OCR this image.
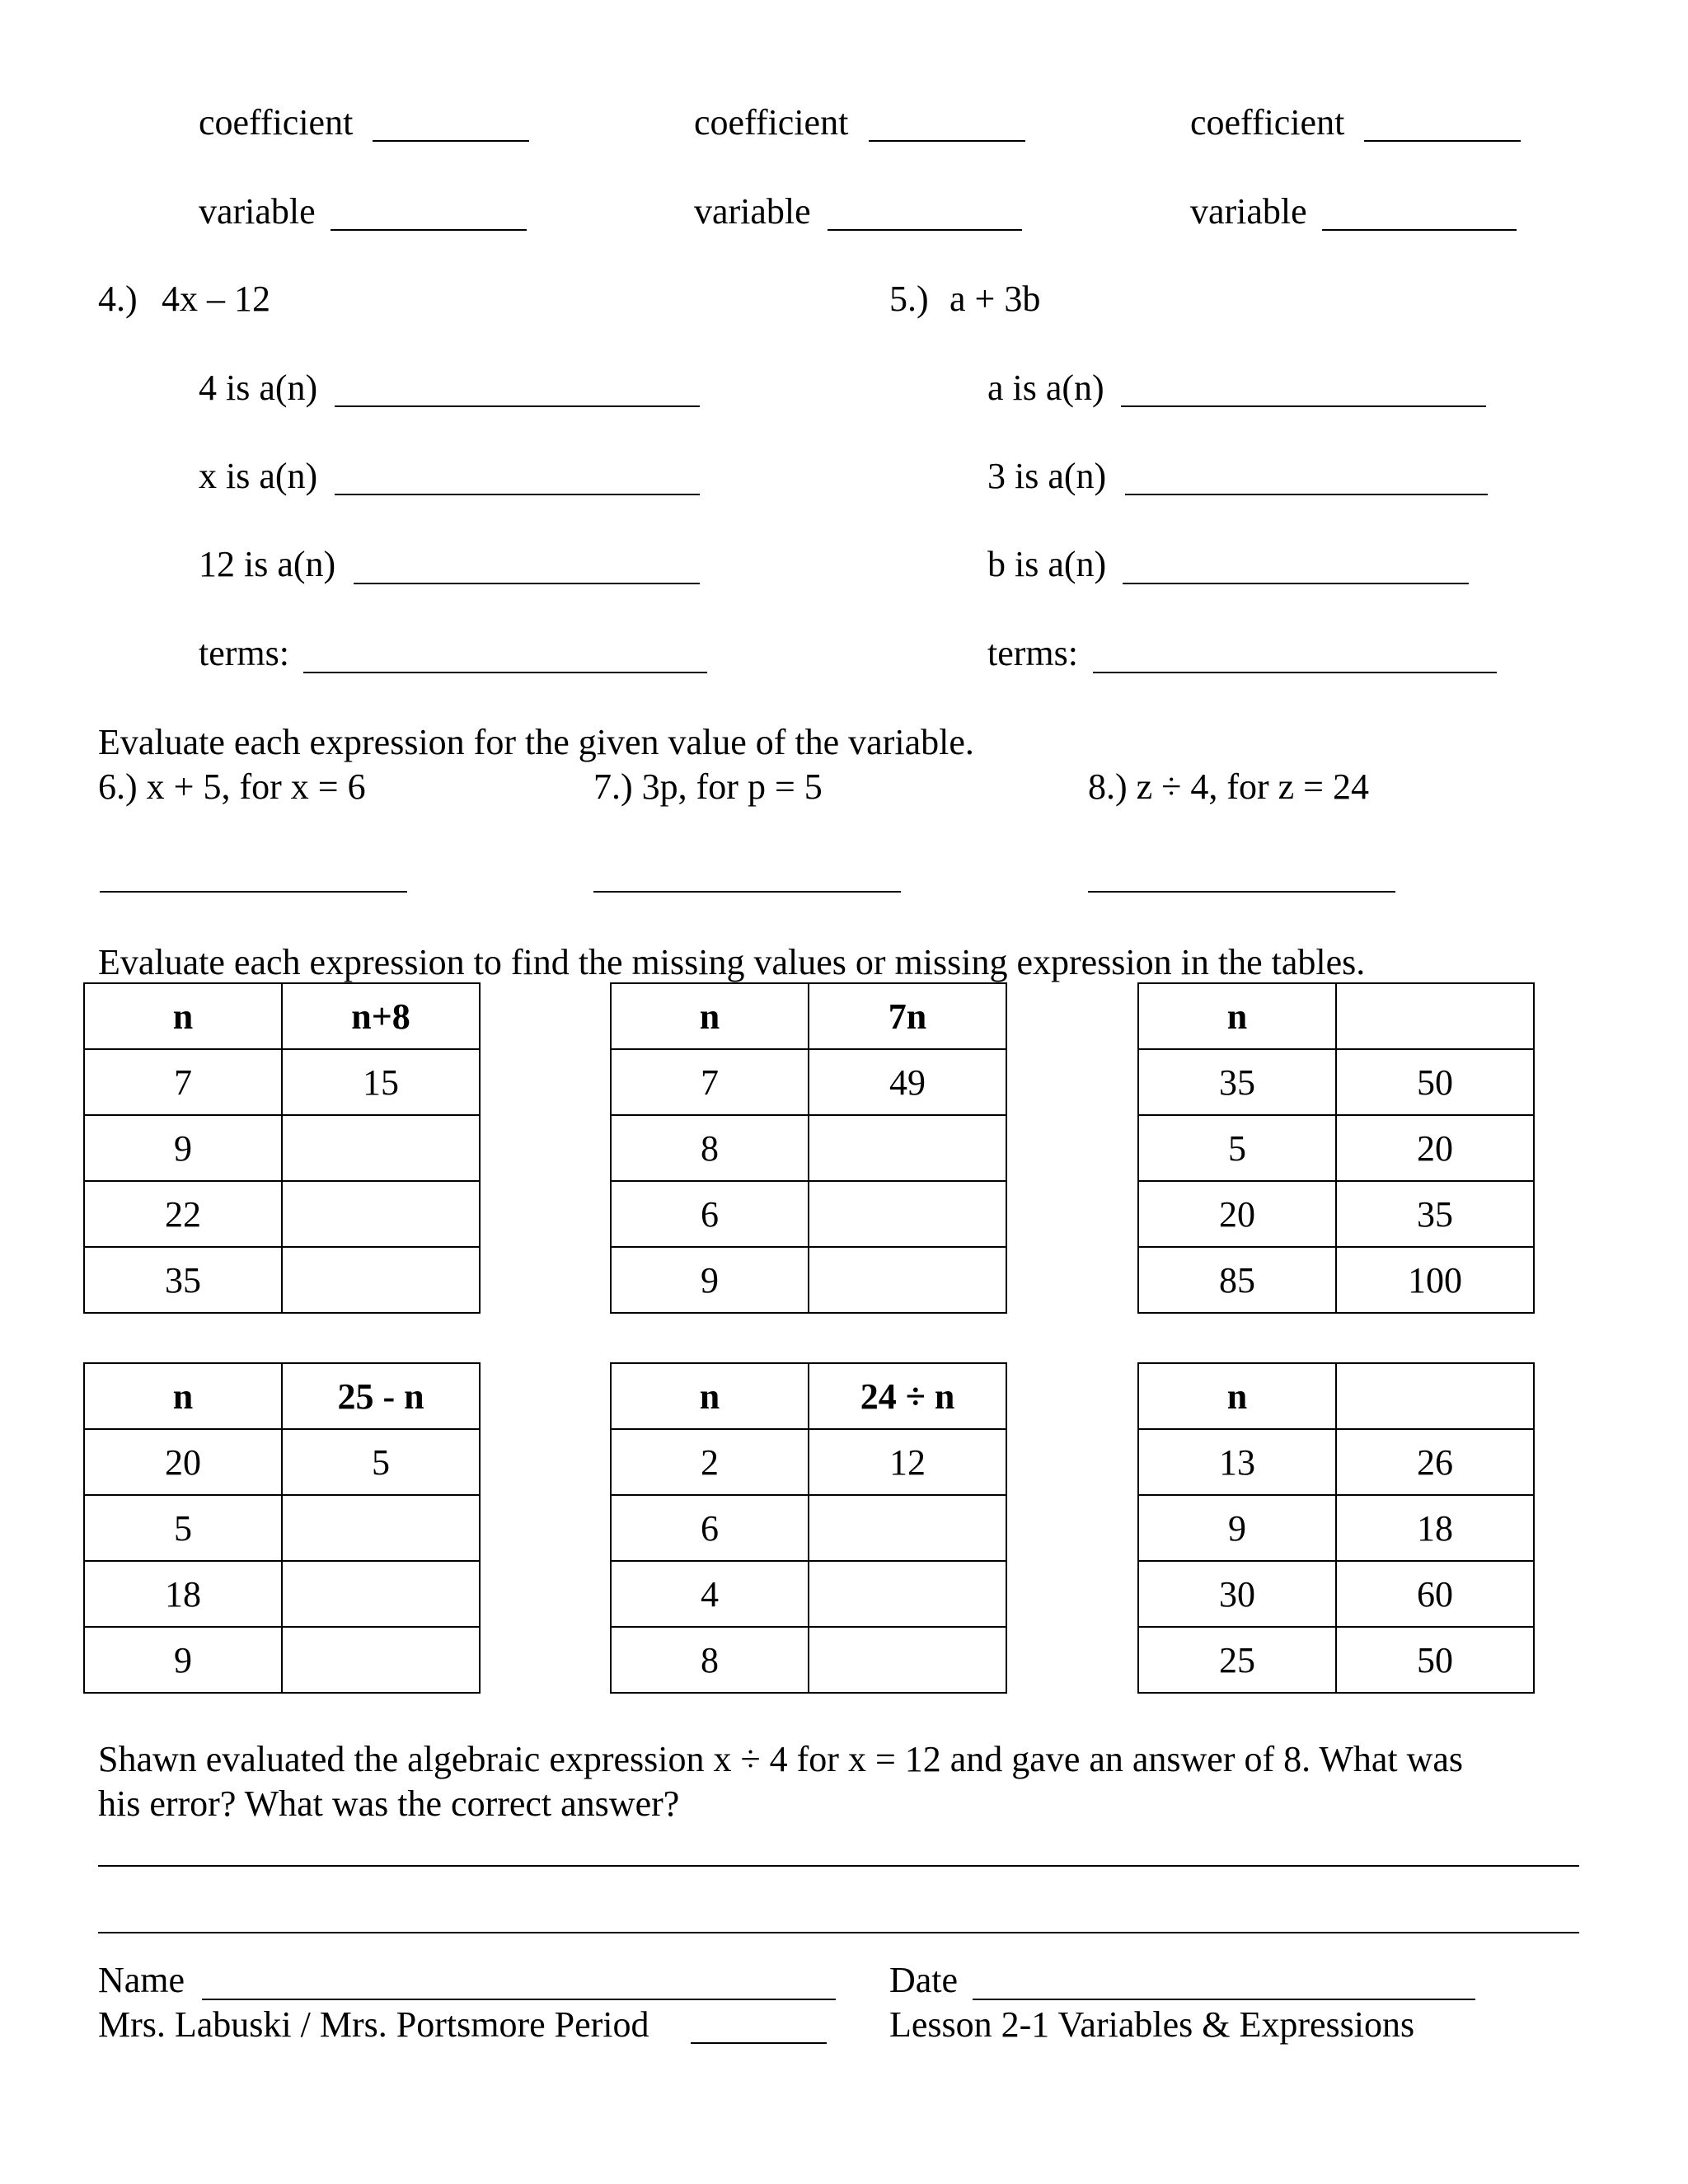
coefficient	coefficient	coefficient
variable	variable	variable
4.) 4x – 12
4 is a(n)
x is a(n)
12 is a(n)
terms:
5.) a + 3b
a is a(n)
3 is a(n)
b is a(n)
terms:
Evaluate each expression for the given value of the variable.
6.) x + 5, for x = 6	7.) 3p, for p = 5	8.) z ÷ 4, for z = 24
Evaluate each expression to find the missing values or missing expression in the tables.
n	n+8
7	15
9	
22	
35	
n	7n
7	49
8	
6	
9	
n	
35	50
5	20
20	35
85	100
n	25 - n
20	5
5	
18	
9	
n	24 ÷ n
2	12
6	
4	
8	
n	
13	26
9	18
30	60
25	50
Shawn evaluated the algebraic expression x ÷ 4 for x = 12 and gave an answer of 8. What was
his error? What was the correct answer?
Name	Date
Mrs. Labuski / Mrs. Portsmore Period	Lesson 2-1 Variables & Expressions
